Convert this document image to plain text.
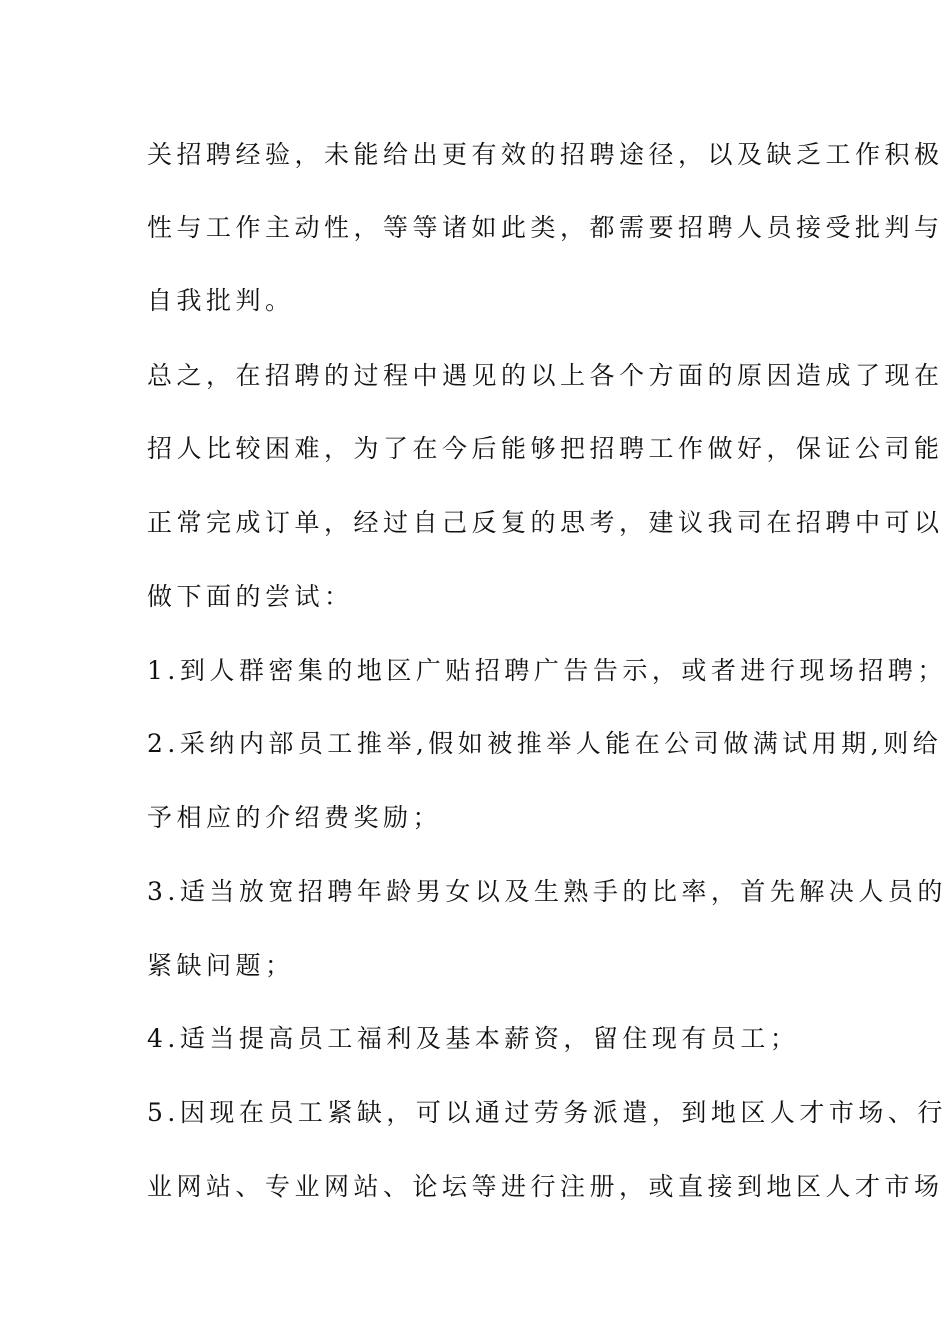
关招聘经验，未能给出更有效的招聘途径，以及缺乏工作积极
性与工作主动性，等等诸如此类，都需要招聘人员接受批判与
自我批判。
总之，在招聘的过程中遇见的以上各个方面的原因造成了现在
招人比较困难，为了在今后能够把招聘工作做好，保证公司能
正常完成订单，经过自己反复的思考，建议我司在招聘中可以
做下面的尝试：
1.到人群密集的地区广贴招聘广告告示，或者进行现场招聘；
2.采纳内部员工推举,假如被推举人能在公司做满试用期,则给
予相应的介绍费奖励；
3.适当放宽招聘年龄男女以及生熟手的比率，首先解决人员的
紧缺问题；
4.适当提高员工福利及基本薪资，留住现有员工；
5.因现在员工紧缺，可以通过劳务派遣，到地区人才市场、行
业网站、专业网站、论坛等进行注册，或直接到地区人才市场
